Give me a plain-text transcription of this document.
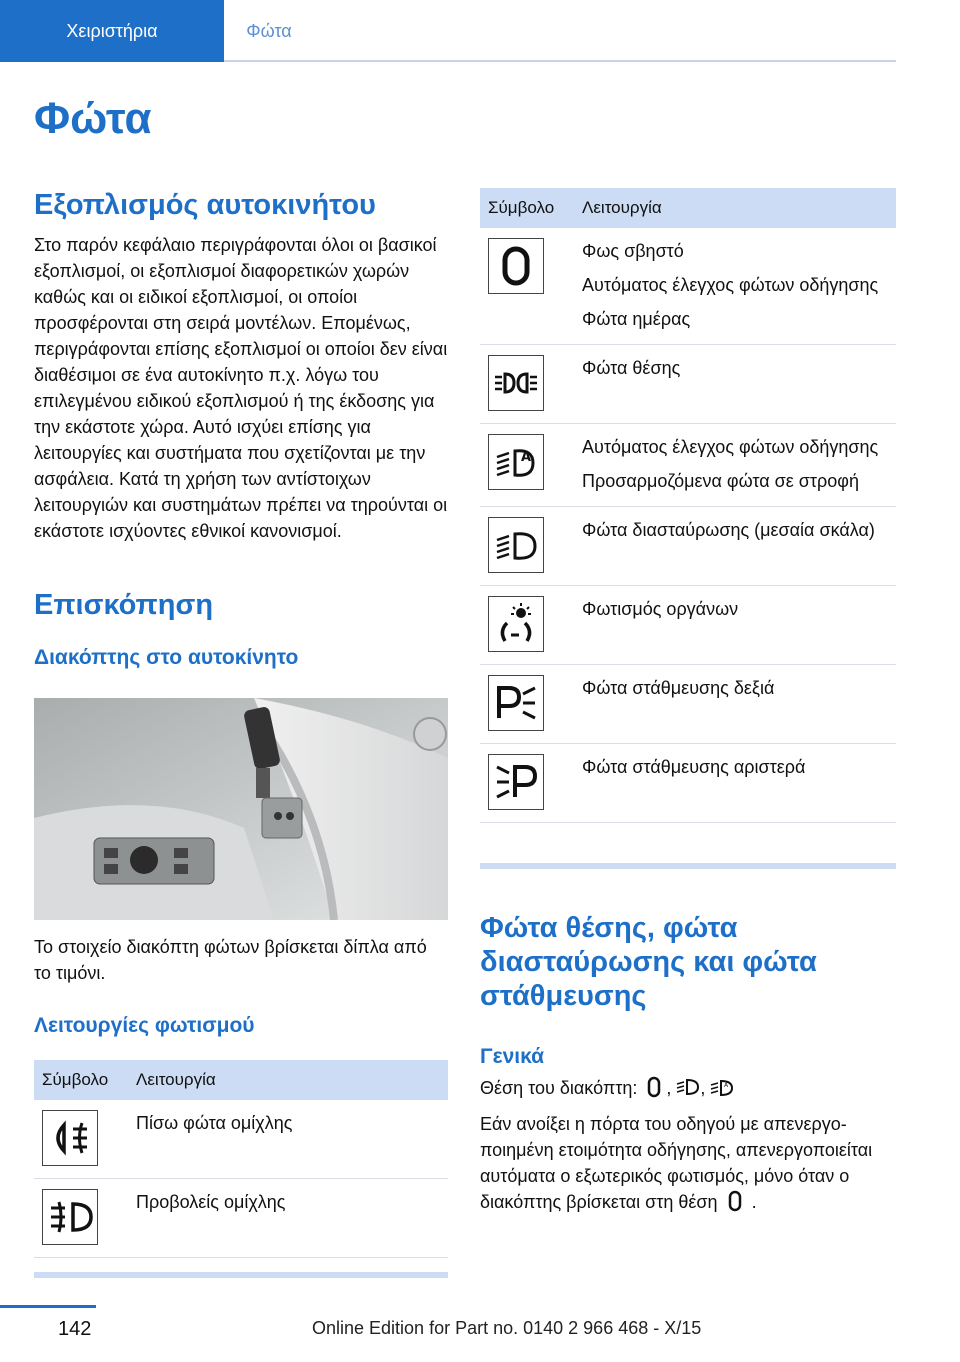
Χειριστήρια	Φώτα
Φώτα
Εξοπλισμός αυτοκινήτου
Στο παρόν κεφάλαιο περιγράφονται όλοι οι βασικοί εξοπλισμοί, οι εξοπλισμοί διαφορετικών χωρών καθώς και οι ειδικοί εξοπλισμοί, οι οποίοι προσφέρονται στη σειρά μοντέλων. Επομένως, περιγράφονται επίσης εξοπλισμοί οι οποίοι δεν είναι διαθέσιμοι σε ένα αυτοκίνητο π.χ. λόγω του επιλεγμένου ειδικού εξοπλισμού ή της έκδοσης για την εκάστοτε χώρα. Αυτό ισχύει επίσης για λειτουργίες και συστήματα που σχετίζονται με την ασφάλεια. Κατά τη χρήση των αντίστοιχων λειτουργιών και συστημάτων πρέπει να τηρούνται οι εκάστοτε ισχύοντες εθνικοί κανονισμοί.
Επισκόπηση
Διακόπτης στο αυτοκίνητο
Το στοιχείο διακόπτη φώτων βρίσκεται δίπλα από το τιμόνι.
Λειτουργίες φωτισμού
Σύμβολο	Λειτουργία

Πίσω φώτα ομίχλης

Προβολείς ομίχλης
Σύμβολο	Λειτουργία

Φως σβηστό
Αυτόματος έλεγχος φώτων οδήγησης
Φώτα ημέρας

Φώτα θέσης

A	Αυτόματος έλεγχος φώτων οδήγησης
Προσαρμοζόμενα φώτα σε στροφή

Φώτα διασταύρωσης (μεσαία σκάλα)

Φωτισμός οργάνων

Φώτα στάθμευσης δεξιά

Φώτα στάθμευσης αριστερά
Φώτα θέσης, φώτα διασταύρωσης και φώτα στάθμευσης
Γενικά
Θέση του διακόπτη: , ,	A
Εάν ανοίξει η πόρτα του οδηγού με απενεργοποιημένη ετοιμότητα οδήγησης, απενεργοποιείται αυτόματα ο εξωτερικός φωτισμός, μόνο όταν ο διακόπτης βρίσκεται στη θέση .
142	Online Edition for Part no. 0140 2 966 468 - X/15
